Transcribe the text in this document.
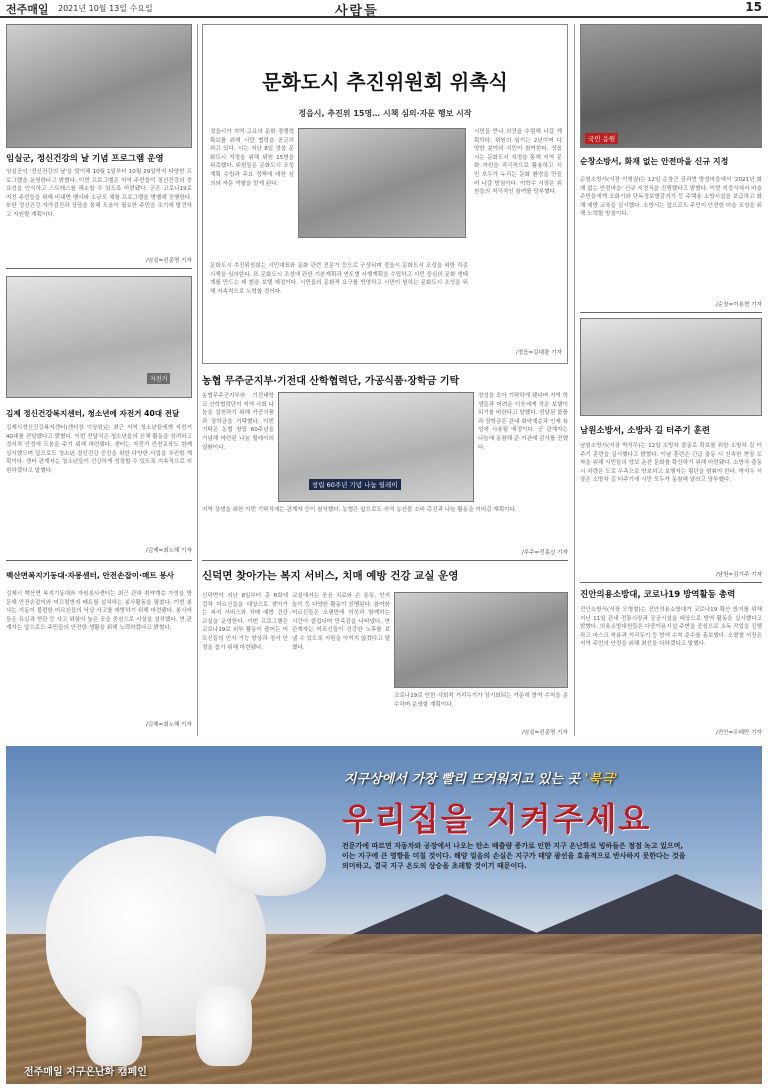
전주매일 2021년 10월 13일 수요일	사람들	15
임실군, 정신건강의 날 기념 프로그램 운영
임실군이 '정신건강의 날'을 맞이해 10월 1일부터 10월 29일까지 다양한 프로그램을 운영한다고 밝혔다. 이번 프로그램은 지역 주민들이 정신건강의 중요성을 인식하고 스트레스를 해소할 수 있도록 마련됐다. 군은 코로나19로 지친 주민들을 위해 비대면 행사와 소규모 체험 프로그램을 병행해 진행한다. 또한 정신건강 자가검진과 상담을 통해 도움이 필요한 주민을 조기에 발견하고 지원할 계획이다.
/임실=진종명 기자
자전거
김제 정신건강복지센터, 청소년에 자전거 40대 전달
김제시정신건강복지센터(센터장 이상원)는 최근 지역 청소년들에게 자전거 40대를 전달했다고 밝혔다. 이번 전달식은 청소년들의 신체 활동을 장려하고 정서적 안정에 도움을 주기 위해 마련됐다. 센터는 자전거 안전교육도 함께 실시했으며 앞으로도 청소년 정신건강 증진을 위한 다양한 사업을 추진할 계획이다. 센터 관계자는 청소년들이 건강하게 성장할 수 있도록 지속적으로 지원하겠다고 말했다.
/김제=최노해 기자
백산면복지기동대·자봉센터, 안전손잡이·매트 봉사
김제시 백산면 복지기동대와 자원봉사센터는 최근 관내 취약계층 가정을 방문해 안전손잡이와 미끄럼방지 매트를 설치하는 봉사활동을 펼쳤다. 이번 봉사는 거동이 불편한 어르신들의 낙상 사고를 예방하기 위해 마련됐다. 봉사자들은 욕실과 현관 등 사고 위험이 높은 곳을 중심으로 시설을 설치했다. 면 관계자는 앞으로도 주민들의 안전한 생활을 위해 노력하겠다고 밝혔다.
/김제=최노해 기자
문화도시 추진위원회 위촉식
정읍시, 추진위 15명… 시책 심의·자문 행보 시작
정읍시가 지역 고유의 문화 경쟁력 확보를 위해 시민 협력을 공고히 하고 있다. 시는 지난 8일 정읍 문화도시 지정을 위해 위원 15명을 위촉했다. 위원들은 문화도시 조성 계획 수립과 주요 정책에 대한 심의와 자문 역할을 맡게 된다.
문화도시 추진위원회는 시민대표와 문화 관련 전문가 등으로 구성되며 정읍시 문화도시 조성을 위한 각종 시책을 심의한다. 또 문화도시 조성에 관한 기본계획과 연도별 시행계획을 수립하고 시민 중심의 문화 생태계를 만드는 데 힘을 보탤 예정이다. 시민들의 문화적 요구를 반영하고 시민이 원하는 문화도시 조성을 위해 지속적으로 노력할 것이다.
시민을 만나 의견을 수렴해 나갈 계획이다. 위원의 임기는 2년이며 다양한 분야의 시민이 참여한다. 정읍시는 문화도시 지정을 통해 지역 문화 자원을 적극적으로 활용하고 시민 모두가 누리는 문화 환경을 만들어 나갈 방침이다. 이학수 시장은 위원들의 적극적인 참여를 당부했다.
/정읍=김대광 기자
농협 무주군지부·기전대 산학협력단, 가공식품·장학금 기탁
농협무주군지부와 기전대학교 산학협력단이 지역 사회 나눔을 실천하기 위해 가공식품과 장학금을 기탁했다. 이번 기탁은 농협 창립 60주년을 기념해 마련된 나눔 릴레이의 일환이다.
창립 60주년 기념 나눔 릴레이
정성을 모아 기탁하게 됐다며 지역 학생들과 어려운 이웃에게 작은 보탬이 되기를 바란다고 말했다. 전달된 물품과 장학금은 관내 취약계층과 인재 육성에 사용될 예정이다. 군 관계자는 나눔에 동참해 준 기관에 감사를 전했다.
지역 상생을 위한 이번 기탁식에는 관계자 등이 참석했다. 농협은 앞으로도 지역 농산물 소비 촉진과 나눔 활동을 이어갈 계획이다.
/무주=전홍선 기자
신덕면 찾아가는 복지 서비스, 치매 예방 건강 교실 운영
신덕면이 지난 8일부터 총 8회에 걸쳐 어르신들을 대상으로 찾아가는 복지 서비스와 치매 예방 건강 교실을 운영한다. 이번 프로그램은 코로나19로 외부 활동이 줄어든 어르신들의 인지 기능 향상과 정서 안정을 돕기 위해 마련됐다.
교실에서는 웃음 치료와 손 운동, 인지 놀이 등 다양한 활동이 진행된다. 참여한 어르신들은 오랜만에 이웃과 함께하는 시간이 즐겁다며 만족감을 나타냈다. 면 관계자는 어르신들이 건강한 노후를 보낼 수 있도록 지원을 아끼지 않겠다고 말했다.
코로나19로 인한 사회적 거리두기가 장기화되는 가운데 방역 수칙을 준수하며 운영할 계획이다.
/임실=진종명 기자
국민 응원
순창소방서, 화재 없는 안전마을 신규 지정
순창소방서(서장 이형권)는 12일 순창군 금과면 방성마을에서 '2021년 화재 없는 안전마을' 신규 지정식을 진행했다고 밝혔다. 이번 지정식에서 마을 주민들에게 소화기와 단독경보형감지기 등 주택용 소방시설을 보급하고 화재 예방 교육을 실시했다. 소방서는 앞으로도 주민이 안전한 마을 조성을 위해 노력할 방침이다.
/순창=이용현 기자
남원소방서, 소방차 길 터주기 훈련
남원소방서(서장 박석우)는 12일 소방차 출동로 확보를 위한 소방차 길 터주기 훈련을 실시했다고 밝혔다. 이날 훈련은 긴급 출동 시 신속한 현장 도착을 위해 시민들의 양보 운전 문화를 확산하기 위해 마련됐다. 소방차 출동 시 차량은 도로 우측으로 양보하고 보행자는 횡단을 멈춰야 한다. 박석우 서장은 소방차 길 터주기에 시민 모두가 동참해 달라고 당부했다.
/남원=김기주 기자
진안의용소방대, 코로나19 방역활동 총력
진안소방서(서장 오형철)는 진안의용소방대가 코로나19 확산 방지를 위해 지난 11일 관내 전통시장과 공공시설을 대상으로 방역 활동을 실시했다고 밝혔다. 의용소방대원들은 다중이용시설 주변을 중심으로 소독 작업을 진행하고 마스크 착용과 거리두기 등 방역 수칙 준수를 홍보했다. 오형철 서장은 지역 주민의 안전을 위해 최선을 다하겠다고 말했다.
/진안=우태만 기자
지구상에서 가장 빨리 뜨거워지고 있는 곳 '북극'
우리집을 지켜주세요
전문가에 따르면 자동차와 공장에서 나오는 탄소 배출량 증가로 인한 지구 온난화로 빙하들은 점점 녹고 있으며, 이는 지구에 큰 영향을 미칠 것이다. 해양 얼음의 손실은 지구가 태양 광선을 효율적으로 반사하지 못한다는 것을 의미하고, 결국 지구 온도의 상승을 초래할 것이기 때문이다.
전주매일 지구온난화 캠페인
